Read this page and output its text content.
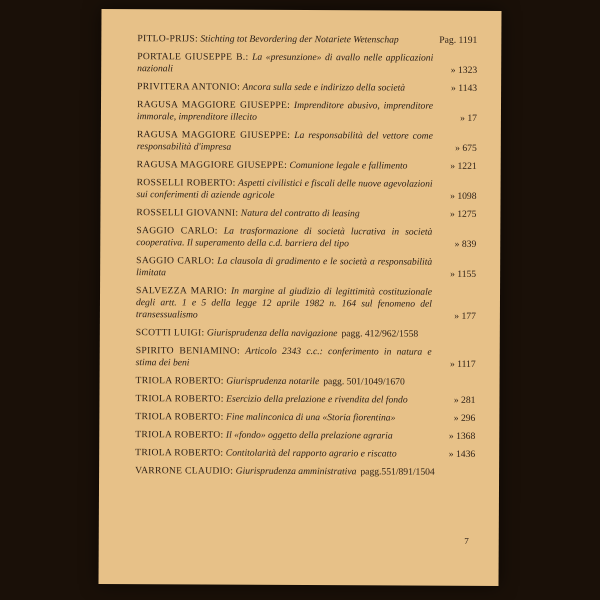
PITLO-PRIJS: Stichting tot Bevordering der Notariete Wetenschap	Pag. 1191
PORTALE GIUSEPPE B.: La «presunzione» di avallo nelle applicazioni nazionali	» 1323
PRIVITERA ANTONIO: Ancora sulla sede e indirizzo della società	» 1143
RAGUSA MAGGIORE GIUSEPPE: Imprenditore abusivo, imprenditore immorale, imprenditore illecito	» 17
RAGUSA MAGGIORE GIUSEPPE: La responsabilità del vettore come responsabilità d'impresa	» 675
RAGUSA MAGGIORE GIUSEPPE: Comunione legale e fallimento	» 1221
ROSSELLI ROBERTO: Aspetti civilistici e fiscali delle nuove agevolazioni sui conferimenti di aziende agricole	» 1098
ROSSELLI GIOVANNI: Natura del contratto di leasing	» 1275
SAGGIO CARLO: La trasformazione di società lucrativa in società cooperativa. Il superamento della c.d. barriera del tipo	» 839
SAGGIO CARLO: La clausola di gradimento e le società a responsabilità limitata	» 1155
SALVEZZA MARIO: In margine al giudizio di legittimità costituzionale degli artt. 1 e 5 della legge 12 aprile 1982 n. 164 sul fenomeno del transessualismo	» 177
SCOTTI LUIGI: Giurisprudenza della navigazione pagg. 412/962/1558
SPIRITO BENIAMINO: Articolo 2343 c.c.: conferimento in natura e stima dei beni	» 1117
TRIOLA ROBERTO: Giurisprudenza notarile pagg. 501/1049/1670
TRIOLA ROBERTO: Esercizio della prelazione e rivendita del fondo	» 281
TRIOLA ROBERTO: Fine malinconica di una «Storia fiorentina»	» 296
TRIOLA ROBERTO: Il «fondo» oggetto della prelazione agraria	» 1368
TRIOLA ROBERTO: Contitolarità del rapporto agrario e riscatto	» 1436
VARRONE CLAUDIO: Giurisprudenza amministrativa pagg.551/891/1504
7
